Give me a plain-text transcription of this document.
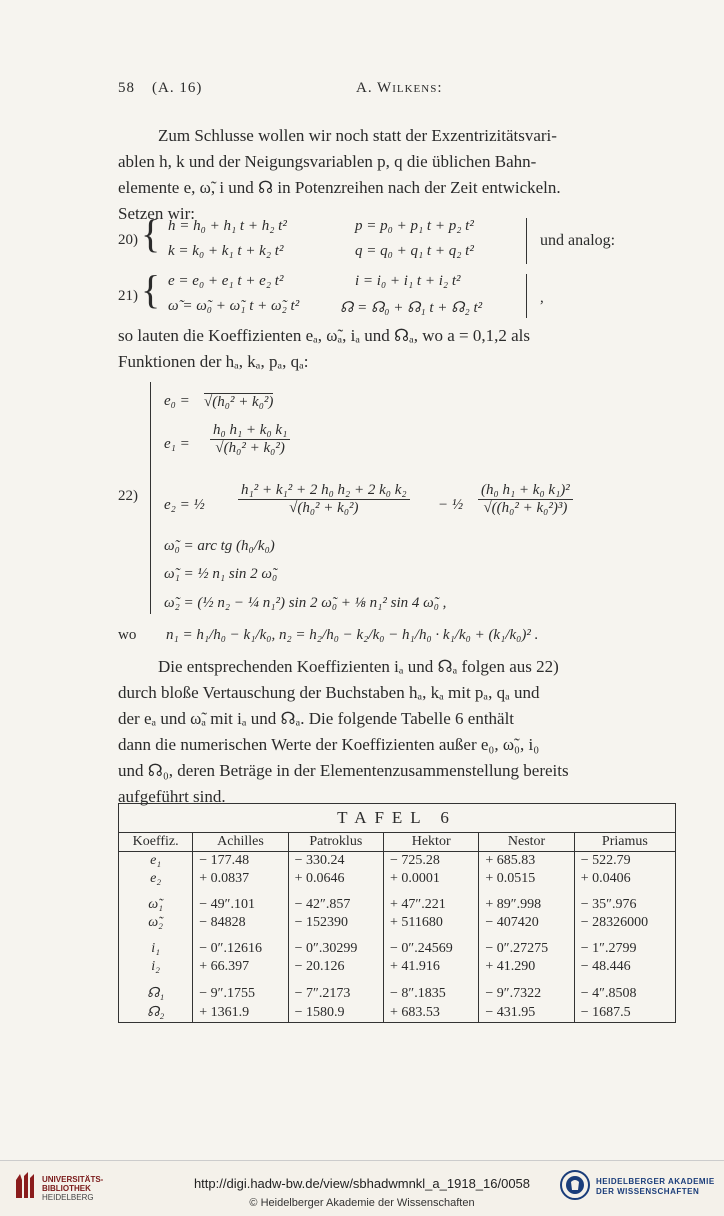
58 (A. 16)	A. Wilkens:
Zum Schlusse wollen wir noch statt der Exzentrizitätsvari-
ablen h, k und der Neigungsvariablen p, q die üblichen Bahn-
elemente e, ω̃, i und ☊ in Potenzreihen nach der Zeit entwickeln.
Setzen wir:
20) { h = h₀ + h₁ t + h₂ t²
k = k₀ + k₁ t + k₂ t²
p = p₀ + p₁ t + p₂ t²
q = q₀ + q₁ t + q₂ t²
und analog:
21) { e = e₀ + e₁ t + e₂ t²
ω̃ = ω̃₀ + ω̃₁ t + ω̃₂ t²
i = i₀ + i₁ t + i₂ t²
☊ = ☊₀ + ☊₁ t + ☊₂ t²
,
so lauten die Koeffizienten eₐ, ω̃ₐ, iₐ und ☊ₐ, wo a = 0,1,2 als
Funktionen der hₐ, kₐ, pₐ, qₐ:
22)
e₀ = √(h₀² + k₀²)
$e_1 = \frac{\text{h₀ h₁ + k₀ k₁}}{\text{√(h₀² + k₀²)}}$
e₂ = ½ $\frac{\text{h₁² + k₁² + 2 h₀ h₂ + 2 k₀ k₂}}{\text{√(h₀² + k₀²)}}$ − ½ $\frac{\text{(h₀ h₁ + k₀ k₁)²}}{\text{√((h₀² + k₀²)³)}}$
ω̃₀ = arc tg (h₀/k₀)
ω̃₁ = ½ n₁ sin 2 ω̃₀
ω̃₂ = (½ n₂ − ¼ n₁²) sin 2 ω̃₀ + ⅛ n₁² sin 4 ω̃₀ ,
wo n₁ = h₁/h₀ − k₁/k₀, n₂ = h₂/h₀ − k₂/k₀ − h₁/h₀ · k₁/k₀ + (k₁/k₀)² .
Die entsprechenden Koeffizienten iₐ und ☊ₐ folgen aus 22)
durch bloße Vertauschung der Buchstaben hₐ, kₐ mit pₐ, qₐ und
der eₐ und ω̃ₐ mit iₐ und ☊ₐ. Die folgende Tabelle 6 enthält
dann die numerischen Werte der Koeffizienten außer e₀, ω̃₀, i₀
und ☊₀, deren Beträge in der Elementenzusammenstellung bereits
aufgeführt sind.
TAFEL 6					
Koeffiz.	Achilles	Patroklus	Hektor	Nestor	Priamus
e₁	− 177.48	− 330.24	− 725.28	+ 685.83	− 522.79
e₂	+ 0.0837	+ 0.0646	+ 0.0001	+ 0.0515	+ 0.0406

ω̃₁	− 49″.101	− 42″.857	+ 47″.221	+ 89″.998	− 35″.976
ω̃₂	− 84828	− 152390	+ 511680	− 407420	− 28326000

i₁	− 0″.12616	− 0″.30299	− 0″.24569	− 0″.27275	− 1″.2799
i₂	+ 66.397	− 20.126	+ 41.916	+ 41.290	− 48.446

☊₁	− 9″.1755	− 7″.2173	− 8″.1835	− 9″.7322	− 4″.8508
☊₂	+ 1361.9	− 1580.9	+ 683.53	− 431.95	− 1687.5
UNIVERSITÄTS-
BIBLIOTHEK
HEIDELBERG
http://digi.hadw-bw.de/view/sbhadwmnkl_a_1918_16/0058
© Heidelberger Akademie der Wissenschaften
HEIDELBERGER AKADEMIE
DER WISSENSCHAFTEN
